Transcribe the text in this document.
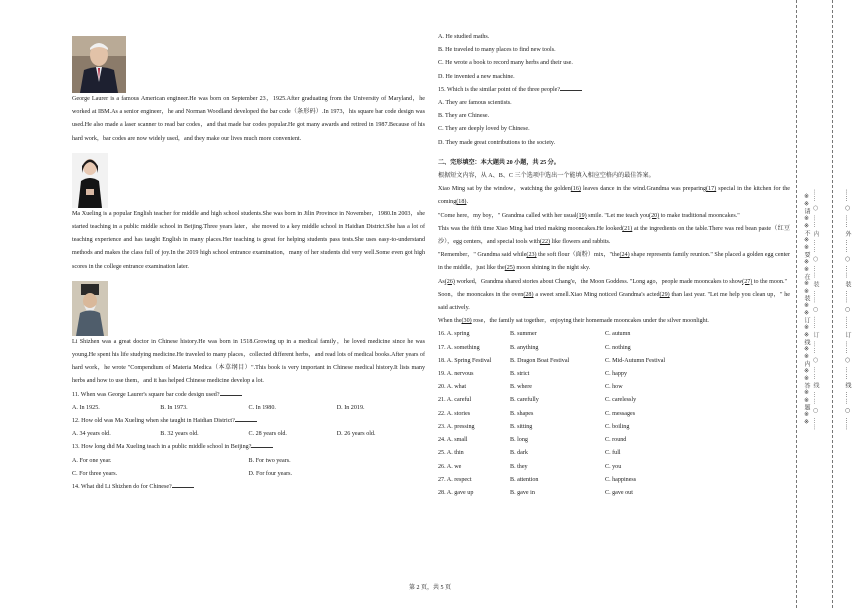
George Laurer is a famous American engineer.He was born on September 23，1925.After graduating from the University of Maryland，he worked at IBM.As a senior engineer，he and Norman Woodland developed the bar code（条形码）.In 1973，his square bar code design was used.He also made a laser scanner to read bar codes，and that made bar codes popular.He got many awards and retired in 1987.Because of his hard work，bar codes are now widely used，and they make our lives much more convenient.

Ma Xueling is a popular English teacher for middle and high school students.She was born in Jilin Province in November，1980.In 2003，she started teaching in a public middle school in Beijing.Three years later，she moved to a key middle school in Haidian District.She has a lot of teaching experience and has taught English in many places.Her teaching is great for helping students pass tests.She uses easy-to-understand methods and makes the class full of joy.In the 2019 high school entrance examination，many of her students did very well.Some even got high scores in the college entrance examination later.

Li Shizhen was a great doctor in Chinese history.He was born in 1518.Growing up in a medical family，he loved medicine since he was young.He spent his life studying medicine.He traveled to many places，collected different herbs，and read lots of medical books.After years of hard work，he wrote "Compendium of Materia Medica（本草纲目）".This book is very important in Chinese medical history.It lists many herbs and how to use them，and it has helped Chinese medicine develop a lot.

11. When was George Laurer's square bar code design used?
A. In 1925.	B. In 1973.	C. In 1980.	D. In 2019.
12. How old was Ma Xueling when she taught in Haidian District?
A. 34 years old.	B. 32 years old.	C. 28 years old.	D. 26 years old.
13. How long did Ma Xueling teach in a public middle school in Beijing?
A. For one year.	B. For two years.
C. For three years.	D. For four years.
14. What did Li Shizhen do for Chinese?
A. He studied maths.
B. He traveled to many places to find new tools.
C. He wrote a book to record many herbs and their use.
D. He invented a new machine.
15. Which is the similar point of the three people?
A. They are famous scientists.
B. They are Chinese.
C. They are deeply loved by Chinese.
D. They made great contributions to the society.
二、完形填空：本大题共 20 小题，共 25 分。
根据短文内容，从 A、B、C 三个选项中选出一个能填入相应空格内的最佳答案。

Xiao Ming sat by the window，watching the golden(16) leaves dance in the wind.Grandma was preparing(17) special in the kitchen for the coming(18).

"Come here，my boy，" Grandma called with her usual(19) smile. "Let me teach you(20) to make traditional mooncakes."

This was the fifth time Xiao Ming had tried making mooncakes.He looked(21) at the ingredients on the table.There was red bean paste（红豆沙），egg centers，and special tools with(22) like flowers and rabbits.

"Remember，" Grandma said while(23) the soft flour（面粉）mix，"the(24) shape represents family reunion." She placed a golden egg center in the middle，just like the(25) moon shining in the night sky.

As(26) worked，Grandma shared stories about Chang'e，the Moon Goddess. "Long ago，people made mooncakes to show(27) to the moon."

Soon，the mooncakes in the oven(28) a sweet smell.Xiao Ming noticed Grandma's acted(29) than last year. "Let me help you clean up，" he said actively.

When the(30) rose，the family sat together，enjoying their homemade mooncakes under the silver moonlight.

16. A. spring	B. summer	C. autumn
17. A. something	B. anything	C. nothing
18. A. Spring Festival	B. Dragon Boat Festival	C. Mid-Autumn Festival
19. A. nervous	B. strict	C. happy
20. A. what	B. where	C. how
21. A. careful	B. carefully	C. carelessly
22. A. stories	B. shapes	C. messages
23. A. pressing	B. sitting	C. boiling
24. A. small	B. long	C. round
25. A. thin	B. dark	C. full
26. A. we	B. they	C. you
27. A. respect	B. attention	C. happiness
28. A. gave up	B. gave in	C. gave out
第 2 页，共 5 页
…… ○ …… 内 …… ○ …… 装 …… ○ …… 订 …… ○ …… 线 …… ○ ……
※※请※※不※※要※※在※※装※※订※※线※※内※※答※※题※※	…… ○ …… 外 …… ○ …… 装 …… ○ …… 订 …… ○ …… 线 …… ○ ……
